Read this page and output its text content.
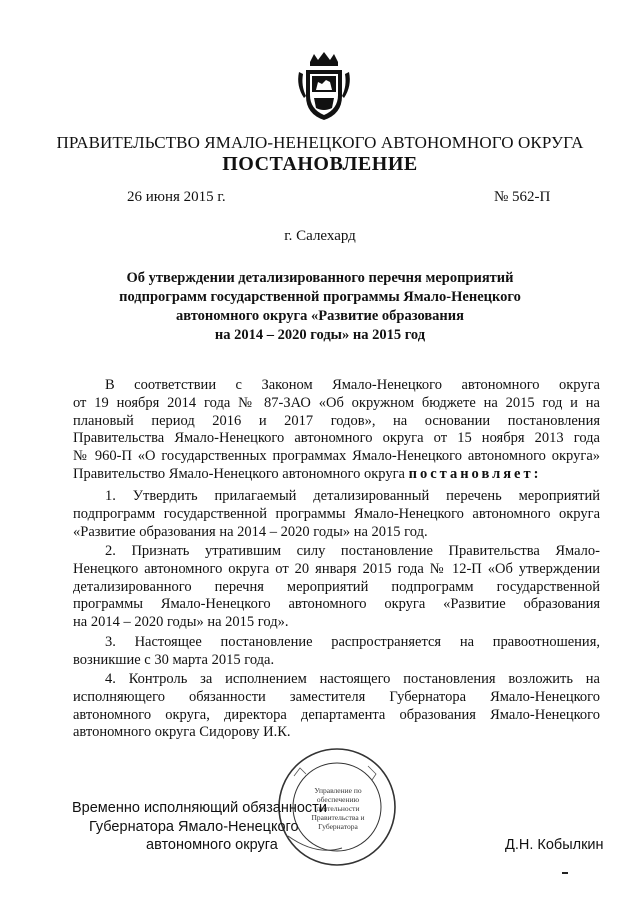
ПРАВИТЕЛЬСТВО ЯМАЛО-НЕНЕЦКОГО АВТОНОМНОГО ОКРУГА
ПОСТАНОВЛЕНИЕ
26 июня 2015 г.	№ 562-П
г. Салехард
Об утверждении детализированного перечня мероприятий
подпрограмм государственной программы Ямало-Ненецкого
автономного округа «Развитие образования
на 2014 – 2020 годы» на 2015 год
В соответствии с Законом Ямало-Ненецкого автономного округа
от 19 ноября 2014 года № 87-ЗАО «Об окружном бюджете на 2015 год и на
плановый период 2016 и 2017 годов», на основании постановления
Правительства Ямало-Ненецкого автономного округа от 15 ноября 2013 года
№ 960-П «О государственных программах Ямало-Ненецкого автономного округа»
Правительство Ямало-Ненецкого автономного округа постановляет:
1. Утвердить прилагаемый детализированный перечень мероприятий
подпрограмм государственной программы Ямало-Ненецкого автономного округа
«Развитие образования на 2014 – 2020 годы» на 2015 год.
2. Признать утратившим силу постановление Правительства Ямало-
Ненецкого автономного округа от 20 января 2015 года № 12-П «Об утверждении
детализированного перечня мероприятий подпрограмм государственной
программы Ямало-Ненецкого автономного округа «Развитие образования
на 2014 – 2020 годы» на 2015 год».
3. Настоящее постановление распространяется на правоотношения,
возникшие с 30 марта 2015 года.
4. Контроль за исполнением настоящего постановления возложить на
исполняющего обязанности заместителя Губернатора Ямало-Ненецкого
автономного округа, директора департамента образования Ямало-Ненецкого
автономного округа Сидорову И.К.
Управление по обеспечению деятельности Правительства и Губернатора
Временно исполняющий обязанности
Губернатора Ямало-Ненецкого
автономного округа	Д.Н. Кобылкин
